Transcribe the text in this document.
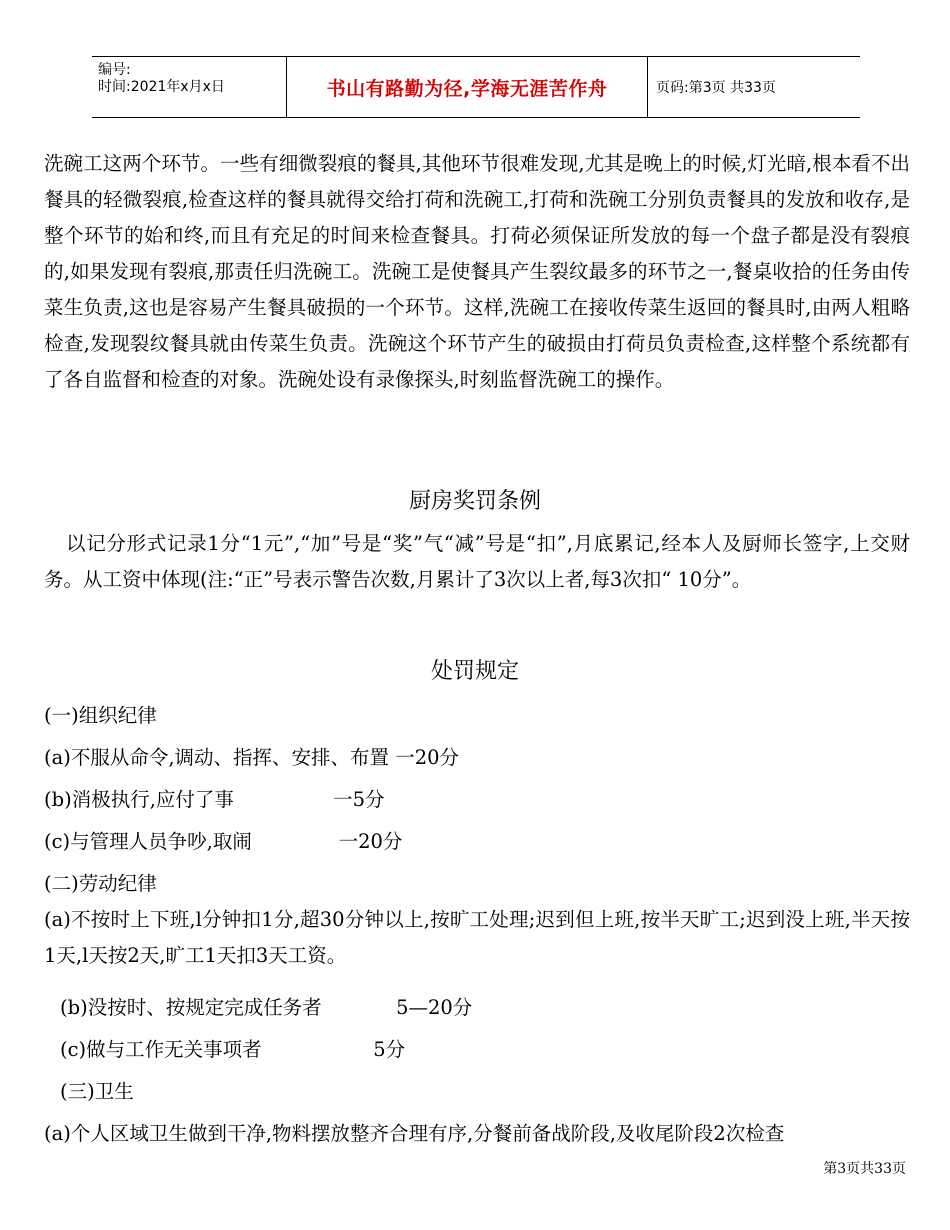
编号:
时间:2021年x月x日	书山有路勤为径,学海无涯苦作舟	页码:第3页 共33页

洗碗工这两个环节。一些有细微裂痕的餐具,其他环节很难发现,尤其是晚上的时候,灯光暗,根本看不出餐具的轻微裂痕,检查这样的餐具就得交给打荷和洗碗工,打荷和洗碗工分别负责餐具的发放和收存,是整个环节的始和终,而且有充足的时间来检查餐具。打荷必须保证所发放的每一个盘子都是没有裂痕的,如果发现有裂痕,那责任归洗碗工。洗碗工是使餐具产生裂纹最多的环节之一,餐桌收拾的任务由传菜生负责,这也是容易产生餐具破损的一个环节。这样,洗碗工在接收传菜生返回的餐具时,由两人粗略检查,发现裂纹餐具就由传菜生负责。洗碗这个环节产生的破损由打荷员负责检查,这样整个系统都有了各自监督和检查的对象。洗碗处设有录像探头,时刻监督洗碗工的操作。

厨房奖罚条例

以记分形式记录1分“1元”,“加”号是“奖”气“减”号是“扣”,月底累记,经本人及厨师长签字,上交财务。从工资中体现(注:“正”号表示警告次数,月累计了3次以上者,每3次扣“ 10分”。

处罚规定

(一)组织纪律

(a)不服从命令,调动、指挥、安排、布置 一20分

(b)消极执行,应付了事                一5分

(c)与管理人员争吵,取闹              一20分

(二)劳动纪律

(a)不按时上下班,l分钟扣1分,超30分钟以上,按旷工处理;迟到但上班,按半天旷工;迟到没上班,半天按1天,l天按2天,旷工1天扣3天工资。

(b)没按时、按规定完成任务者            5—20分

(c)做与工作无关事项者                  5分

(三)卫生

(a)个人区域卫生做到干净,物料摆放整齐合理有序,分餐前备战阶段,及收尾阶段2次检查

第3页共33页
